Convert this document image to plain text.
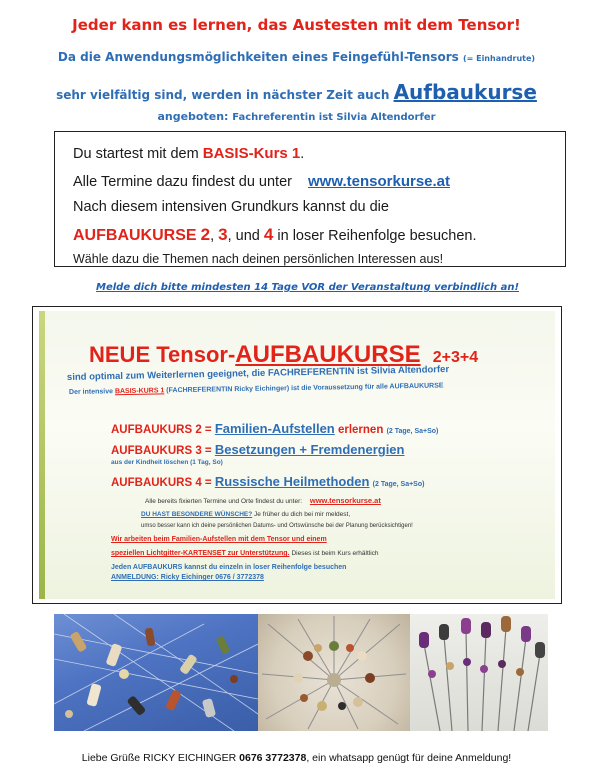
Jeder kann es lernen, das Austesten mit dem Tensor!
Da die Anwendungsmöglichkeiten eines Feingefühl-Tensors (= Einhandrute)
sehr vielfältig sind, werden in nächster Zeit auch Aufbaukurse
angeboten: Fachreferentin ist Silvia Altendorfer
Du startest mit dem BASIS-Kurs 1.
Alle Termine dazu findest du unter www.tensorkurse.at
Nach diesem intensiven Grundkurs kannst du die
AUFBAUKURSE 2, 3, und 4 in loser Reihenfolge besuchen.
Wähle dazu die Themen nach deinen persönlichen Interessen aus!
Melde dich bitte mindesten 14 Tage VOR der Veranstaltung verbindlich an!
NEUE Tensor-AUFBAUKURSE 2+3+4
sind optimal zum Weiterlernen geeignet, die FACHREFERENTIN ist Silvia Altendorfer
Der intensive BASIS-KURS 1 (FACHREFERENTIN Ricky Eichinger) ist die Voraussetzung für alle AUFBAUKURSE
AUFBAUKURS 2 = Familien-Aufstellen erlernen (2 Tage, Sa+So)
AUFBAUKURS 3 = Besetzungen + Fremdenergien
aus der Kindheit löschen (1 Tag, So)
AUFBAUKURS 4 = Russische Heilmethoden (2 Tage, Sa+So)
Alle bereits fixierten Termine und Orte findest du unter: www.tensorkurse.at
DU HAST BESONDERE WÜNSCHE? Je früher du dich bei mir meldest,
umso besser kann ich deine persönlichen Datums- und Ortswünsche bei der Planung berücksichtigen!
Wir arbeiten beim Familien-Aufstellen mit dem Tensor und einem
speziellen Lichtgitter-KARTENSET zur Unterstützung. Dieses ist beim Kurs erhältlich
Jeden AUFBAUKURS kannst du einzeln in loser Reihenfolge besuchen
ANMELDUNG: Ricky Eichinger 0676 / 3772378
Liebe Grüße RICKY EICHINGER 0676 3772378, ein whatsapp genügt für deine Anmeldung!
